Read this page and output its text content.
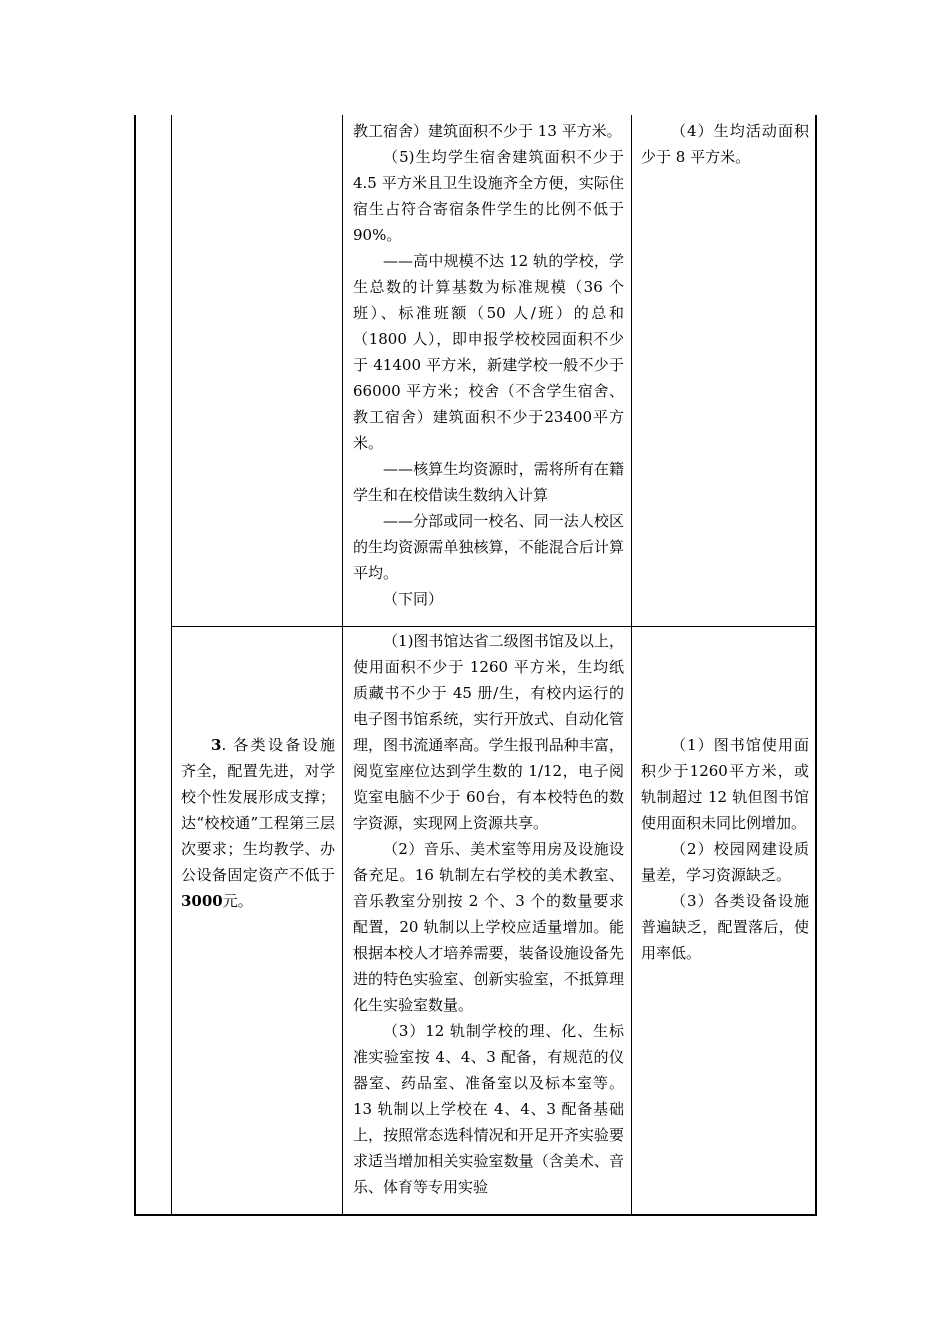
教工宿舍）建筑面积不少于 13 平方米。

（5)生均学生宿舍建筑面积不少于 4.5 平方米且卫生设施齐全方便，实际住宿生占符合寄宿条件学生的比例不低于 90%。

——高中规模不达 12 轨的学校，学生总数的计算基数为标准规模（36 个班）、标准班额（50 人/班）的总和（1800 人），即申报学校校园面积不少于 41400 平方米，新建学校一般不少于 66000 平方米；校舍（不含学生宿舍、教工宿舍）建筑面积不少于23400平方米。

——核算生均资源时，需将所有在籍学生和在校借读生数纳入计算

——分部或同一校名、同一法人校区的生均资源需单独核算，不能混合后计算平均。

（下同）

（4）生均活动面积少于 8 平方米。

3. 各类设备设施齐全，配置先进，对学校个性发展形成支撑；达“校校通”工程第三层次要求；生均教学、办公设备固定资产不低于 3000元。

（1)图书馆达省二级图书馆及以上，使用面积不少于 1260 平方米，生均纸质藏书不少于 45 册/生，有校内运行的电子图书馆系统，实行开放式、自动化管理，图书流通率高。学生报刊品种丰富，阅览室座位达到学生数的 1/12，电子阅览室电脑不少于 60台，有本校特色的数字资源，实现网上资源共享。

（2）音乐、美术室等用房及设施设备充足。16 轨制左右学校的美术教室、音乐教室分别按 2 个、3 个的数量要求配置，20 轨制以上学校应适量增加。能根据本校人才培养需要，装备设施设备先进的特色实验室、创新实验室，不抵算理化生实验室数量。

（3）12 轨制学校的理、化、生标准实验室按 4、4、3 配备，有规范的仪器室、药品室、准备室以及标本室等。13 轨制以上学校在 4、4、3 配备基础上，按照常态选科情况和开足开齐实验要求适当增加相关实验室数量（含美术、音乐、体育等专用实验

（1）图书馆使用面积少于1260平方米，或轨制超过 12 轨但图书馆使用面积未同比例增加。

（2）校园网建设质量差，学习资源缺乏。

（3）各类设备设施普遍缺乏，配置落后，使用率低。
